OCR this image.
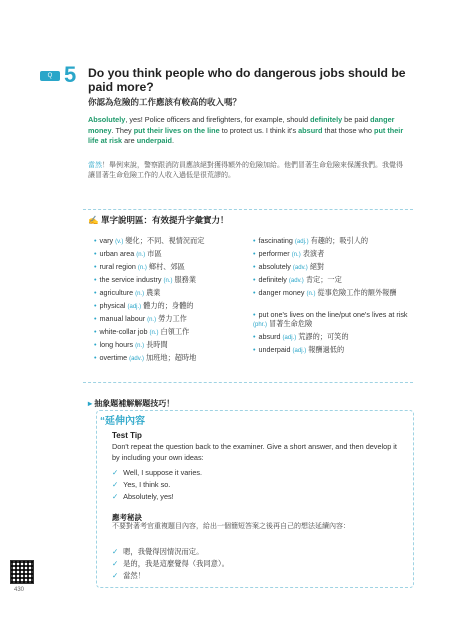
Q 5 Do you think people who do dangerous jobs should be paid more?
你認為危險的工作應該有較高的收入嗎？
Absolutely, yes! Police officers and firefighters, for example, should definitely be paid danger money. They put their lives on the line to protect us. I think it's absurd that those who put their life at risk are underpaid.
當然！舉例來說，警察跟消防員應該絕對獲得額外的危險加給。他們冒著生命危險來保護我們。我覺得讓冒著生命危險工作的人收入過低是很荒謬的。
✍ 單字說明區：有效提升字彙實力！
• vary (v.) 變化；不同、視情況而定
• urban area (n.) 市區
• rural region (n.) 鄉村、郊區
• the service industry (n.) 服務業
• agriculture (n.) 農業
• physical (adj.) 體力的；身體的
• manual labour (n.) 勞力工作
• white-collar job (n.) 白領工作
• long hours (n.) 長時間
• overtime (adv.) 加班地；超時地
• fascinating (adj.) 有趣的；吸引人的
• performer (n.) 表演者
• absolutely (adv.) 絕對
• definitely (adv.) 肯定；一定
• danger money (n.) 從事危險工作的額外報酬
• put one's lives on the line/put one's lives at risk (phr.) 冒著生命危險
• absurd (adj.) 荒謬的；可笑的
• underpaid (adj.) 報酬過低的
▸ 抽象題補解解題技巧！
“延伸內容
Test Tip
Don't repeat the question back to the examiner. Give a short answer, and then develop it by including your own ideas:
✓ Well, I suppose it varies.
✓ Yes, I think so.
✓ Absolutely, yes!
應考秘訣
不要對著考官重複題目內容，給出一個簡短答案之後再自己的想法延續內容：
✓ 嗯，我覺得因情況而定。
✓ 是的，我是這麼覺得（我同意）。
✓ 當然！
430
